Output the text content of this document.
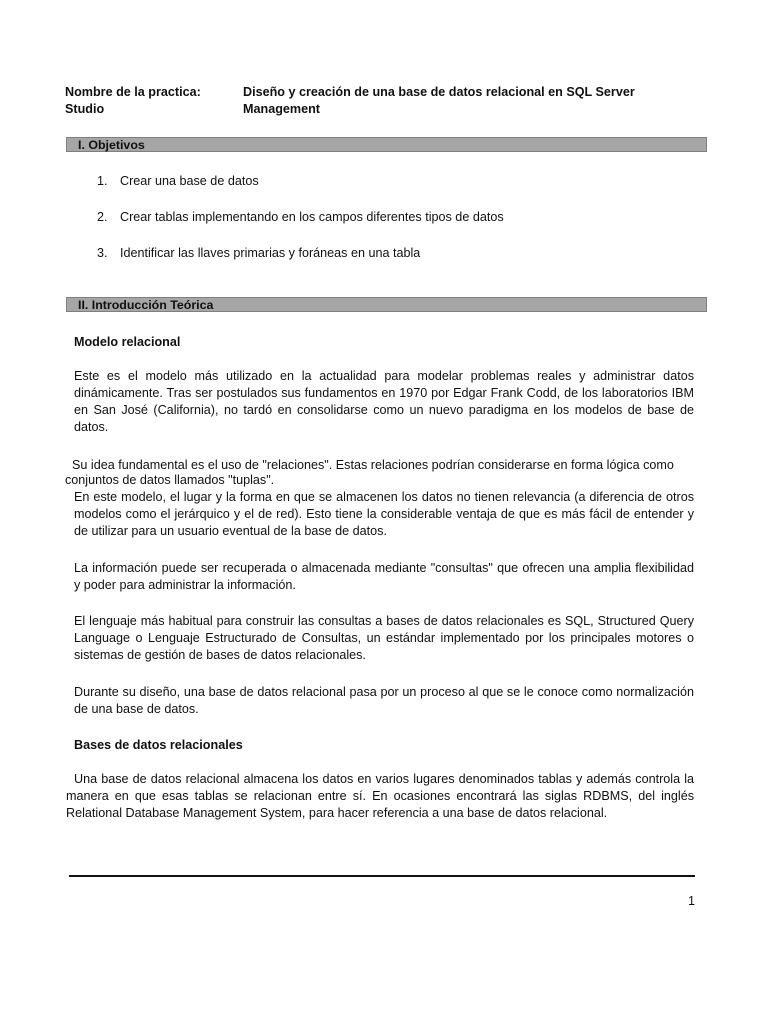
Nombre de la practica:	Diseño y creación de una base de datos relacional en SQL Server Management
Studio
I. Objetivos
1. Crear una base de datos
2. Crear tablas implementando en los campos diferentes tipos de datos
3. Identificar las llaves primarias y foráneas en una tabla
II. Introducción Teórica
Modelo relacional
Este es el modelo más utilizado en la actualidad para modelar problemas reales y administrar datos dinámicamente. Tras ser postulados sus fundamentos en 1970 por Edgar Frank Codd, de los laboratorios IBM en San José (California), no tardó en consolidarse como un nuevo paradigma en los modelos de base de datos.
Su idea fundamental es el uso de "relaciones". Estas relaciones podrían considerarse en forma lógica como
conjuntos de datos llamados "tuplas".
En este modelo, el lugar y la forma en que se almacenen los datos no tienen relevancia (a diferencia de otros modelos como el jerárquico y el de red). Esto tiene la considerable ventaja de que es más fácil de entender y de utilizar para un usuario eventual de la base de datos.
La información puede ser recuperada o almacenada mediante "consultas" que ofrecen una amplia flexibilidad y poder para administrar la información.
El lenguaje más habitual para construir las consultas a bases de datos relacionales es SQL, Structured Query Language o Lenguaje Estructurado de Consultas, un estándar implementado por los principales motores o sistemas de gestión de bases de datos relacionales.
Durante su diseño, una base de datos relacional pasa por un proceso al que se le conoce como normalización de una base de datos.
Bases de datos relacionales
Una base de datos relacional almacena los datos en varios lugares denominados tablas y además controla la manera en que esas tablas se relacionan entre sí. En ocasiones encontrará las siglas RDBMS, del inglés Relational Database Management System, para hacer referencia a una base de datos relacional.
1
